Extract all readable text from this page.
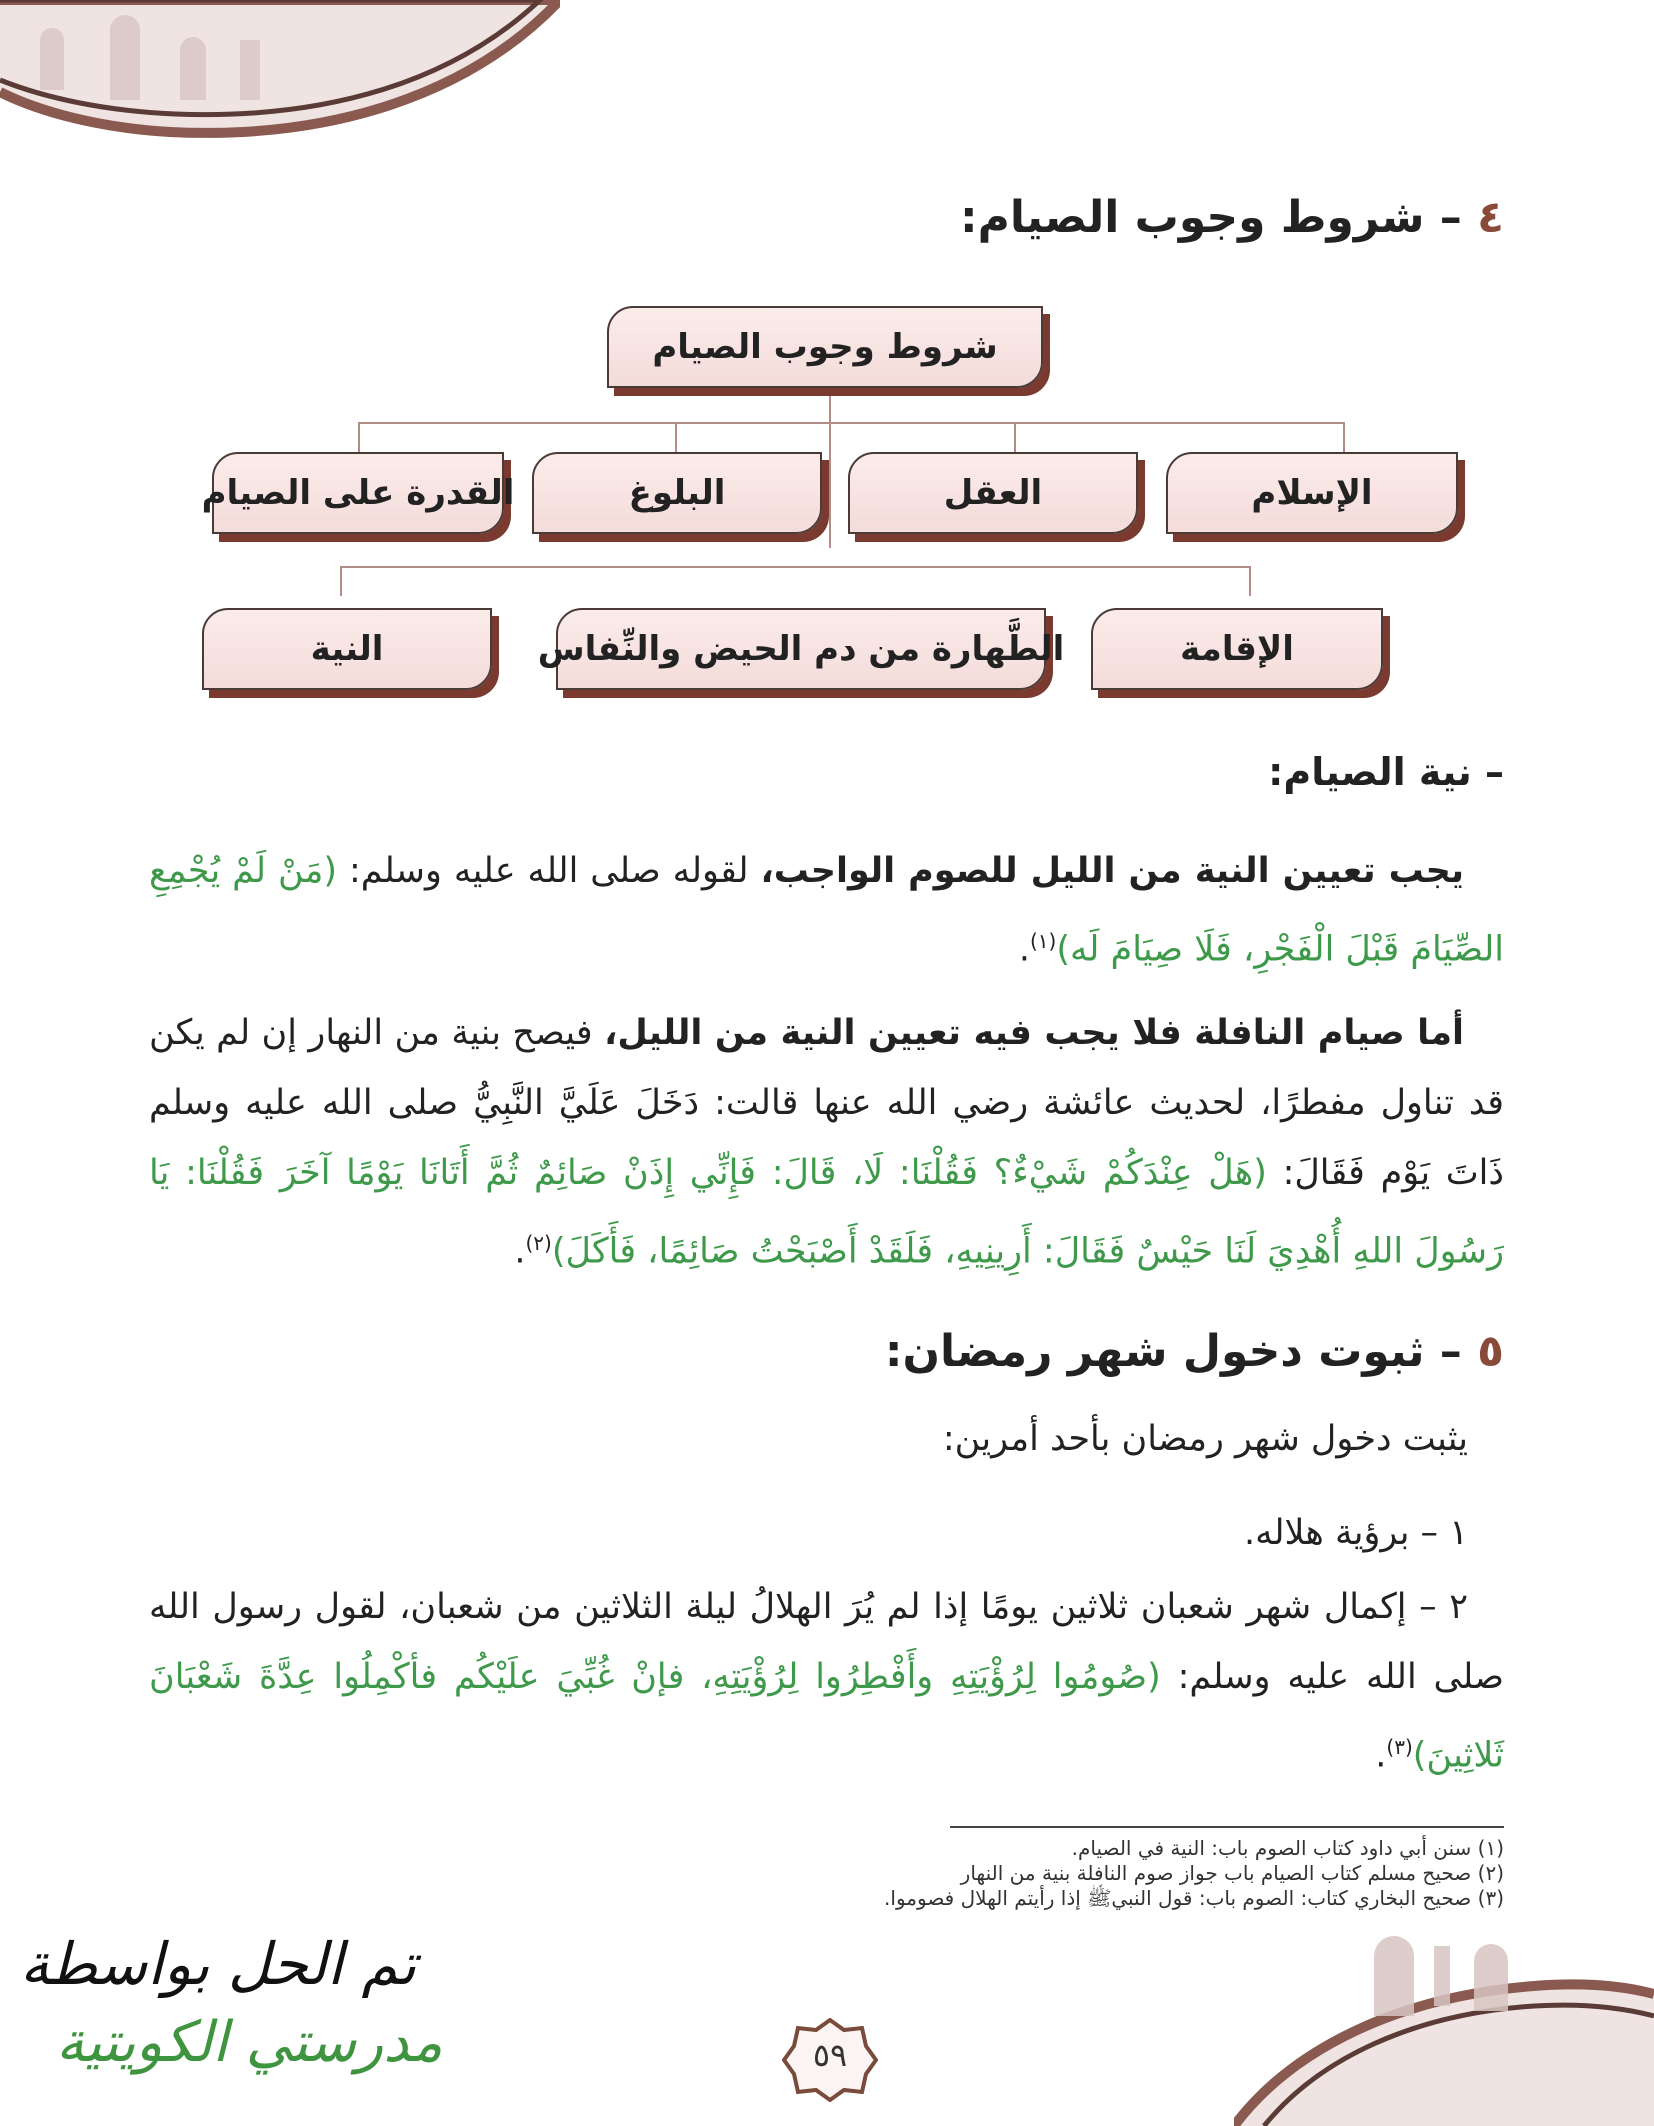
٤ – شروط وجوب الصيام:
شروط وجوب الصيام
الإسلام
العقل
البلوغ
القدرة على الصيام
الإقامة
الطَّهارة من دم الحيض والنِّفاس
النية
– نية الصيام:
يجب تعيين النية من الليل للصوم الواجب، لقوله صلى الله عليه وسلم: (مَنْ لَمْ يُجْمِعِ الصِّيَامَ قَبْلَ الْفَجْرِ، فَلَا صِيَامَ لَه)$^{(١)}$.
أما صيام النافلة فلا يجب فيه تعيين النية من الليل، فيصح بنية من النهار إن لم يكن قد تناول مفطرًا، لحديث عائشة رضي الله عنها قالت: دَخَلَ عَلَيَّ النَّبِيُّ صلى الله عليه وسلم ذَاتَ يَوْم فَقَالَ: (هَلْ عِنْدَكُمْ شَيْءٌ؟ فَقُلْنَا: لَا، قَالَ: فَإِنِّي إِذَنْ صَائِمٌ ثُمَّ أَتَانَا يَوْمًا آخَرَ فَقُلْنَا: يَا رَسُولَ اللهِ أُهْدِيَ لَنَا حَيْسٌ فَقَالَ: أَرِينِيهِ، فَلَقَدْ أَصْبَحْتُ صَائِمًا، فَأَكَلَ)$^{(٢)}$.
٥ – ثبوت دخول شهر رمضان:
يثبت دخول شهر رمضان بأحد أمرين:
١ – برؤية هلاله.
٢ – إكمال شهر شعبان ثلاثين يومًا إذا لم يُرَ الهلالُ ليلة الثلاثين من شعبان، لقول رسول الله صلى الله عليه وسلم: (صُومُوا لِرُؤْيَتِهِ وأَفْطِرُوا لِرُؤْيَتِهِ، فإنْ غُبِّيَ علَيْكُم فأكْمِلُوا عِدَّةَ شَعْبَانَ ثَلاثِينَ)$^{(٣)}$.
(١) سنن أبي داود كتاب الصوم باب: النية في الصيام.
(٢) صحيح مسلم كتاب الصيام باب جواز صوم النافلة بنية من النهار
(٣) صحيح البخاري كتاب: الصوم باب: قول النبيﷺ إذا رأيتم الهلال فصوموا.
٥٩
تم الحل بواسطة
مدرستي الكويتية
